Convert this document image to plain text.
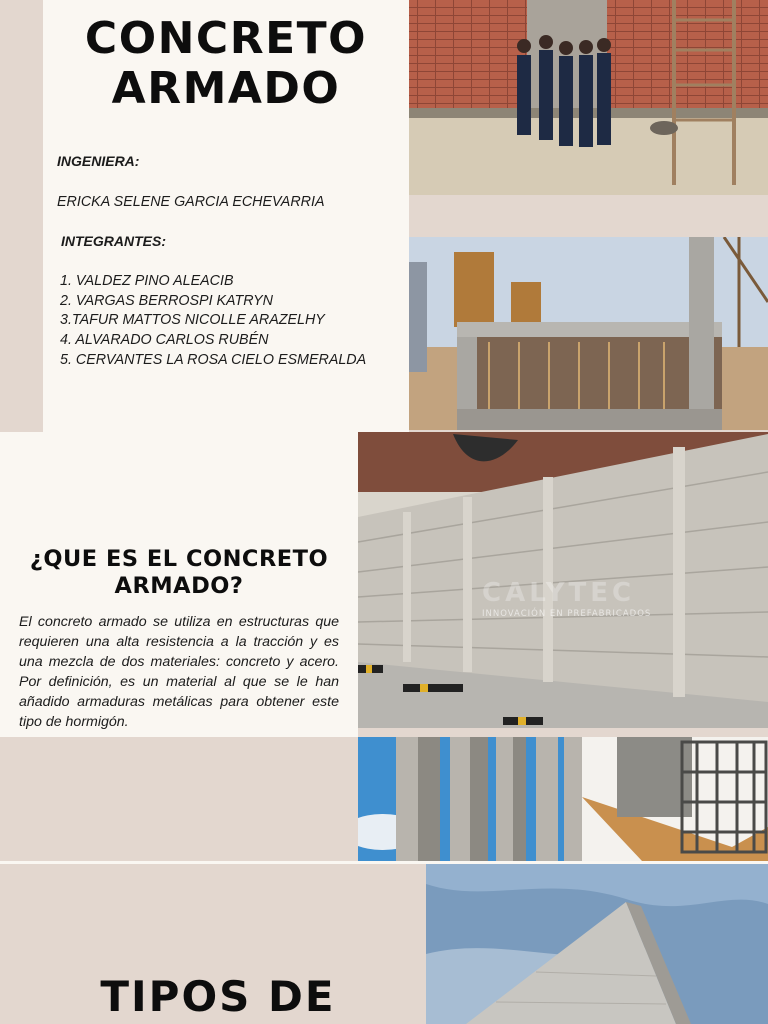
CONCRETO
ARMADO
INGENIERA:
ERICKA SELENE GARCIA ECHEVARRIA
INTEGRANTES:
1. VALDEZ PINO ALEACIB
2. VARGAS BERROSPI KATRYN
3.TAFUR MATTOS NICOLLE ARAZELHY
4. ALVARADO CARLOS RUBÉN
5. CERVANTES LA ROSA CIELO ESMERALDA
¿QUE ES EL CONCRETO
ARMADO?

El concreto armado se utiliza en estructuras que requieren una alta resistencia a la tracción y es una mezcla de dos materiales: concreto y acero. Por definición, es un material al que se le han añadido armaduras metálicas para obtener este tipo de hormigón.

CALYTEC
INNOVACIÓN EN PREFABRICADOS
TIPOS DE
